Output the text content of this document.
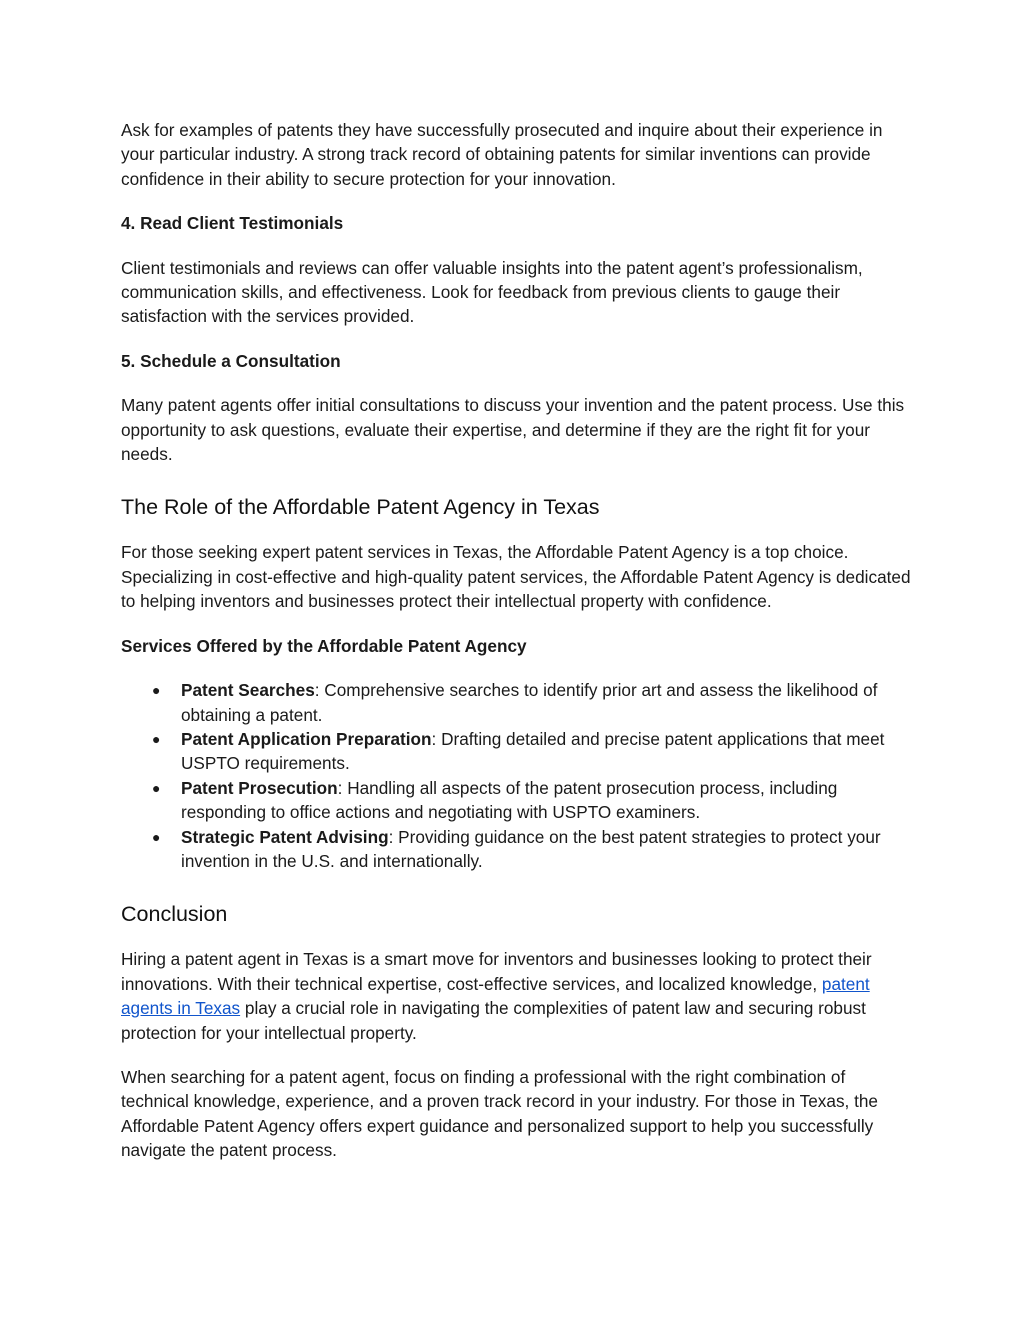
Ask for examples of patents they have successfully prosecuted and inquire about their experience in your particular industry. A strong track record of obtaining patents for similar inventions can provide confidence in their ability to secure protection for your innovation.

4. Read Client Testimonials

Client testimonials and reviews can offer valuable insights into the patent agent’s professionalism, communication skills, and effectiveness. Look for feedback from previous clients to gauge their satisfaction with the services provided.

5. Schedule a Consultation

Many patent agents offer initial consultations to discuss your invention and the patent process. Use this opportunity to ask questions, evaluate their expertise, and determine if they are the right fit for your needs.

The Role of the Affordable Patent Agency in Texas

For those seeking expert patent services in Texas, the Affordable Patent Agency is a top choice. Specializing in cost-effective and high-quality patent services, the Affordable Patent Agency is dedicated to helping inventors and businesses protect their intellectual property with confidence.

Services Offered by the Affordable Patent Agency
● Patent Searches: Comprehensive searches to identify prior art and assess the likelihood of obtaining a patent.
● Patent Application Preparation: Drafting detailed and precise patent applications that meet USPTO requirements.
● Patent Prosecution: Handling all aspects of the patent prosecution process, including responding to office actions and negotiating with USPTO examiners.
● Strategic Patent Advising: Providing guidance on the best patent strategies to protect your invention in the U.S. and internationally.
Conclusion

Hiring a patent agent in Texas is a smart move for inventors and businesses looking to protect their innovations. With their technical expertise, cost-effective services, and localized knowledge, patent agents in Texas play a crucial role in navigating the complexities of patent law and securing robust protection for your intellectual property.

When searching for a patent agent, focus on finding a professional with the right combination of technical knowledge, experience, and a proven track record in your industry. For those in Texas, the Affordable Patent Agency offers expert guidance and personalized support to help you successfully navigate the patent process.
